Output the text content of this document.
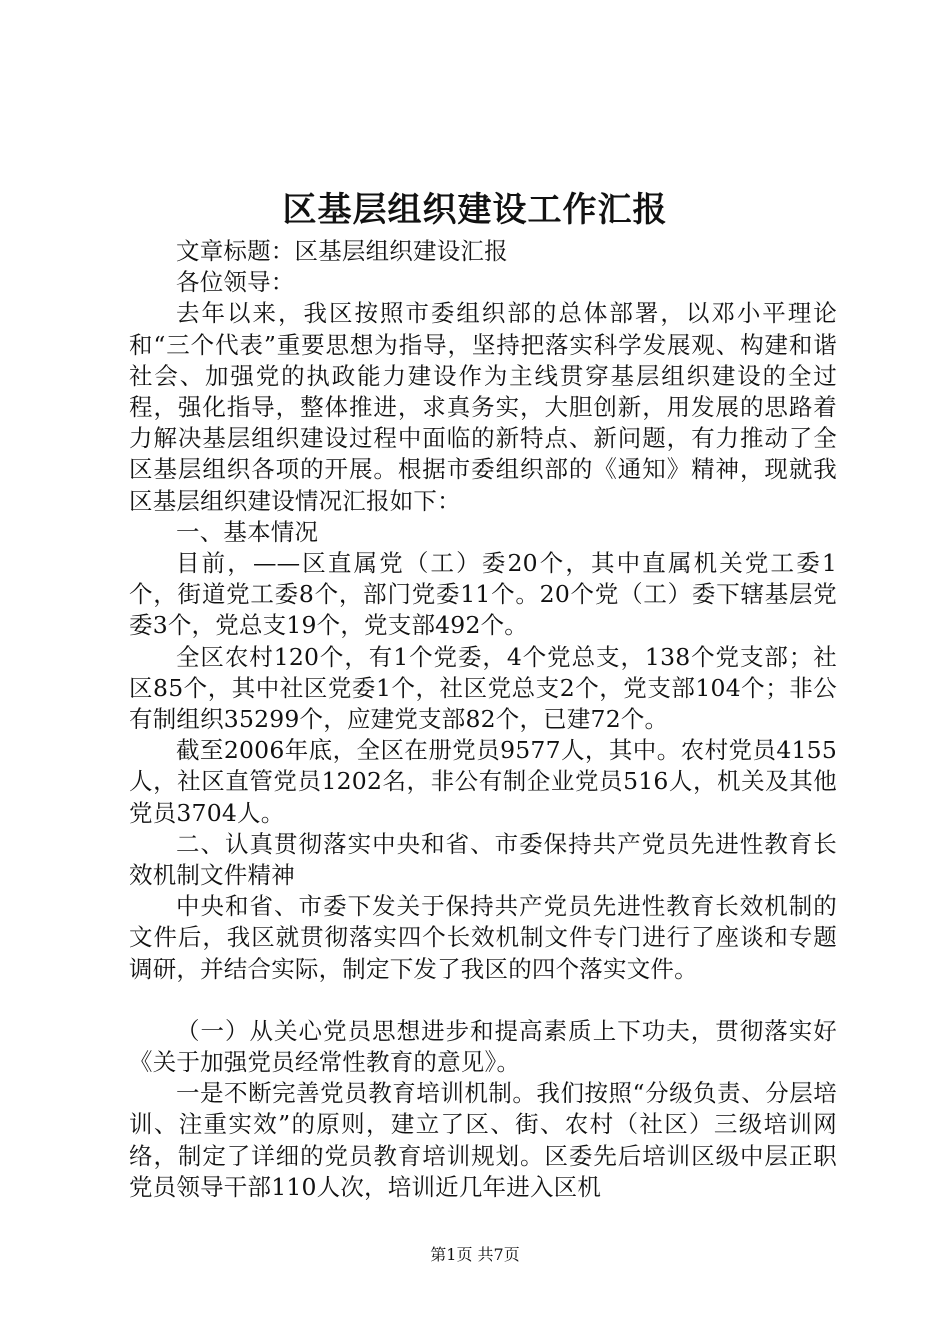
区基层组织建设工作汇报

文章标题：区基层组织建设汇报

各位领导：

去年以来，我区按照市委组织部的总体部署，以邓小平理论和“三个代表”重要思想为指导，坚持把落实科学发展观、构建和谐社会、加强党的执政能力建设作为主线贯穿基层组织建设的全过程，强化指导，整体推进，求真务实，大胆创新，用发展的思路着力解决基层组织建设过程中面临的新特点、新问题，有力推动了全区基层组织各项的开展。根据市委组织部的《通知》精神，现就我区基层组织建设情况汇报如下：

一、基本情况

目前，——区直属党（工）委20个，其中直属机关党工委1个，街道党工委8个，部门党委11个。20个党（工）委下辖基层党委3个，党总支19个，党支部492个。

全区农村120个，有1个党委，4个党总支，138个党支部；社区85个，其中社区党委1个，社区党总支2个，党支部104个；非公有制组织35299个，应建党支部82个，已建72个。

截至2006年底，全区在册党员9577人，其中。农村党员4155人，社区直管党员1202名，非公有制企业党员516人，机关及其他党员3704人。

二、认真贯彻落实中央和省、市委保持共产党员先进性教育长效机制文件精神

中央和省、市委下发关于保持共产党员先进性教育长效机制的文件后，我区就贯彻落实四个长效机制文件专门进行了座谈和专题调研，并结合实际，制定下发了我区的四个落实文件。

（一）从关心党员思想进步和提高素质上下功夫，贯彻落实好《关于加强党员经常性教育的意见》。

一是不断完善党员教育培训机制。我们按照“分级负责、分层培训、注重实效”的原则，建立了区、街、农村（社区）三级培训网络，制定了详细的党员教育培训规划。区委先后培训区级中层正职党员领导干部110人次，培训近几年进入区机

第1页 共7页
